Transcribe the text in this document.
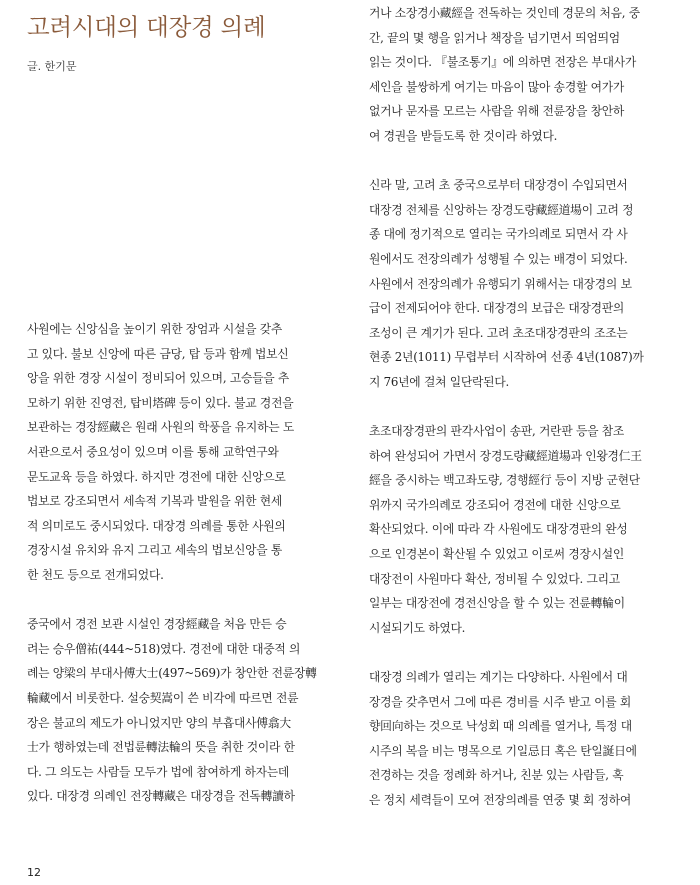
고려시대의 대장경 의례
글. 한기문
사원에는 신앙심을 높이기 위한 장엄과 시설을 갖추
고 있다. 불보 신앙에 따른 금당, 탑 등과 함께 법보신
앙을 위한 경장 시설이 정비되어 있으며, 고승들을 추
모하기 위한 진영전, 탑비塔碑 등이 있다. 불교 경전을
보관하는 경장經藏은 원래 사원의 학풍을 유지하는 도
서관으로서 중요성이 있으며 이를 통해 교학연구와
문도교육 등을 하였다. 하지만 경전에 대한 신앙으로
법보로 강조되면서 세속적 기복과 발원을 위한 현세
적 의미로도 중시되었다. 대장경 의례를 통한 사원의
경장시설 유치와 유지 그리고 세속의 법보신앙을 통
한 천도 등으로 전개되었다.
중국에서 경전 보관 시설인 경장經藏을 처음 만든 승
려는 승우僧祐(444~518)였다. 경전에 대한 대중적 의
례는 양梁의 부대사傅大士(497~569)가 창안한 전륜장轉
輪藏에서 비롯한다. 설숭契嵩이 쓴 비각에 따르면 전륜
장은 불교의 제도가 아니었지만 양의 부흡대사傅翕大
士가 행하였는데 전법륜轉法輪의 뜻을 취한 것이라 한
다. 그 의도는 사람들 모두가 법에 참여하게 하자는데
있다. 대장경 의례인 전장轉藏은 대장경을 전독轉讀하
거나 소장경小藏經을 전독하는 것인데 경문의 처음, 중
간, 끝의 몇 행을 읽거나 책장을 넘기면서 띄엄띄엄
읽는 것이다. 『불조통기』에 의하면 전장은 부대사가
세인을 불쌍하게 여기는 마음이 많아 송경할 여가가
없거나 문자를 모르는 사람을 위해 전륜장을 창안하
여 경권을 받들도록 한 것이라 하였다.
신라 말, 고려 초 중국으로부터 대장경이 수입되면서
대장경 전체를 신앙하는 장경도량藏經道場이 고려 정
종 대에 정기적으로 열리는 국가의례로 되면서 각 사
원에서도 전장의례가 성행될 수 있는 배경이 되었다.
사원에서 전장의례가 유행되기 위해서는 대장경의 보
급이 전제되어야 한다. 대장경의 보급은 대장경판의
조성이 큰 계기가 된다. 고려 초조대장경판의 조조는
현종 2년(1011) 무렵부터 시작하여 선종 4년(1087)까
지 76년에 걸쳐 일단락된다.
초조대장경판의 판각사업이 송판, 거란판 등을 참조
하여 완성되어 가면서 장경도량藏經道場과 인왕경仁王
經을 중시하는 백고좌도량, 경행經行 등이 지방 군현단
위까지 국가의례로 강조되어 경전에 대한 신앙으로
확산되었다. 이에 따라 각 사원에도 대장경판의 완성
으로 인경본이 확산될 수 있었고 이로써 경장시설인
대장전이 사원마다 확산, 정비될 수 있었다. 그리고
일부는 대장전에 경전신앙을 할 수 있는 전륜轉輪이
시설되기도 하였다.
대장경 의례가 열리는 계기는 다양하다. 사원에서 대
장경을 갖추면서 그에 따른 경비를 시주 받고 이를 회
향回向하는 것으로 낙성회 때 의례를 열거나, 특정 대
시주의 복을 비는 명목으로 기일忌日 혹은 탄일誕日에
전경하는 것을 정례화 하거나, 친분 있는 사람들, 혹
은 정치 세력들이 모여 전장의례를 연중 몇 회 정하여
12
